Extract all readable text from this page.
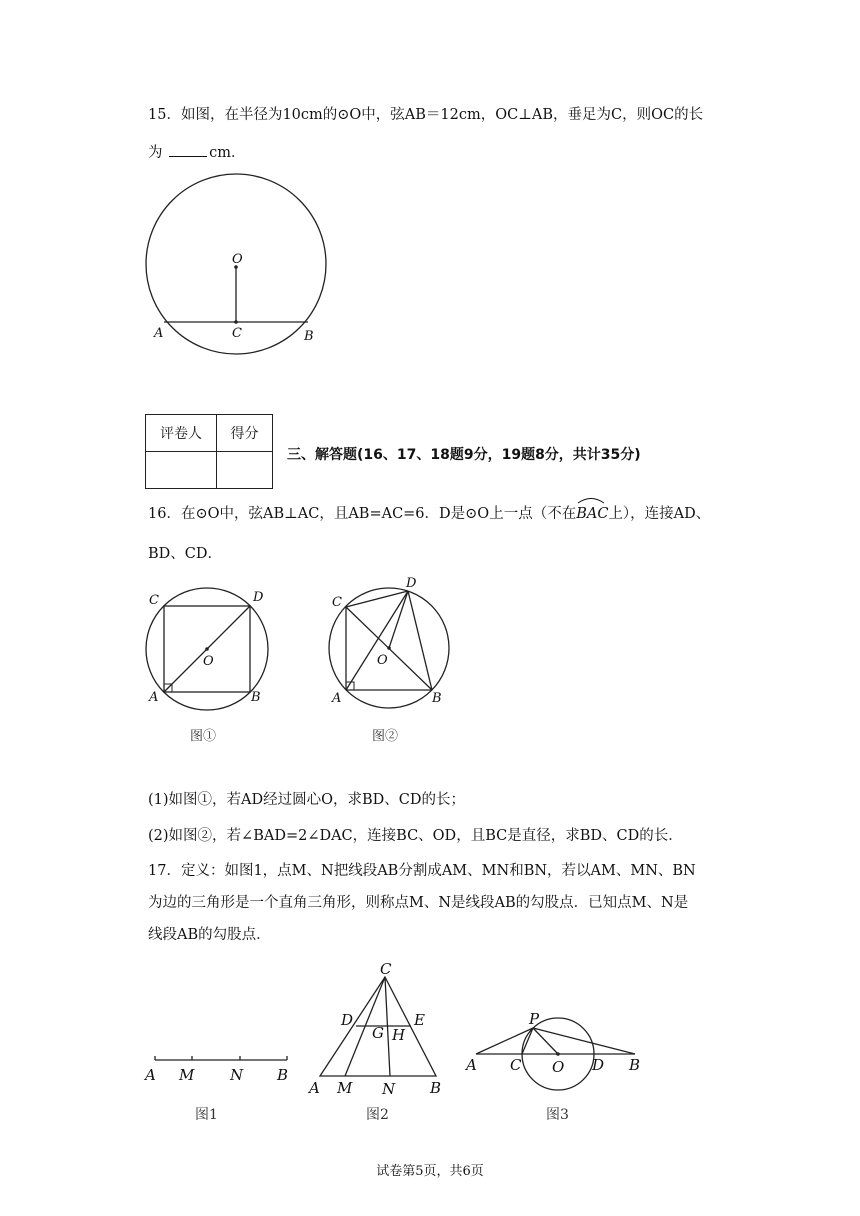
15．如图，在半径为10cm的⊙O中，弦AB＝12cm，OC⊥AB，垂足为C，则OC的长
为	cm．
O
A	C	B
评卷人	得分

三、解答题(16、17、18题9分，19题8分，共计35分)
16．在⊙O中，弦AB⊥AC，且AB=AC=6．D是⊙O上一点（不在
BAC上），连接AD、
BD、CD．
C	D
O
A	B
图①
C
D
O
A	B
图②
(1)如图①，若AD经过圆心O，求BD、CD的长；
(2)如图②，若∠BAD=2∠DAC，连接BC、OD，且BC是直径，求BD、CD的长．
17．定义：如图1，点M、N把线段AB分割成AM、MN和BN，若以AM、MN、BN
为边的三角形是一个直角三角形，则称点M、N是线段AB的勾股点．已知点M、N是
线段AB的勾股点．
A M N B
图1
C
D	E
G H
A M N B
图2
P
A C O D B
图3
试卷第5页，共6页
